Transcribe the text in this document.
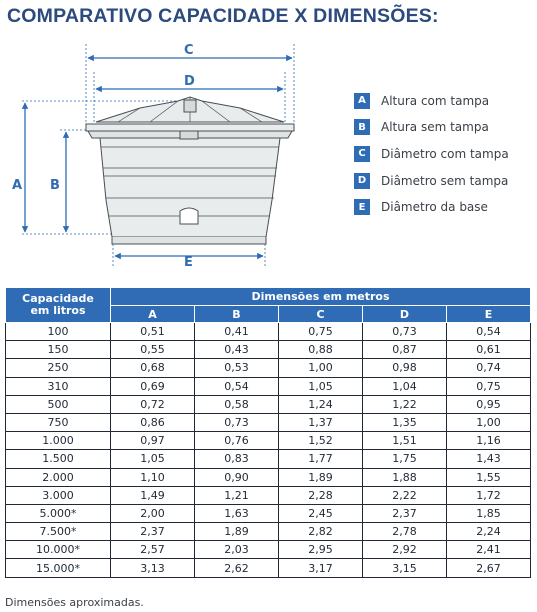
COMPARATIVO CAPACIDADE X DIMENSÕES:
C
D
A B
E
A	Altura com tampa
B	Altura sem tampa
C	Diâmetro com tampa
D	Diâmetro sem tampa
E	Diâmetro da base
Capacidade
em litros	Dimensões em metros				
	A	B	C	D	E
100	0,51	0,41	0,75	0,73	0,54
150	0,55	0,43	0,88	0,87	0,61
250	0,68	0,53	1,00	0,98	0,74
310	0,69	0,54	1,05	1,04	0,75
500	0,72	0,58	1,24	1,22	0,95
750	0,86	0,73	1,37	1,35	1,00
1.000	0,97	0,76	1,52	1,51	1,16
1.500	1,05	0,83	1,77	1,75	1,43
2.000	1,10	0,90	1,89	1,88	1,55
3.000	1,49	1,21	2,28	2,22	1,72
5.000*	2,00	1,63	2,45	2,37	1,85
7.500*	2,37	1,89	2,82	2,78	2,24
10.000*	2,57	2,03	2,95	2,92	2,41
15.000*	3,13	2,62	3,17	3,15	2,67
Dimensões aproximadas.
